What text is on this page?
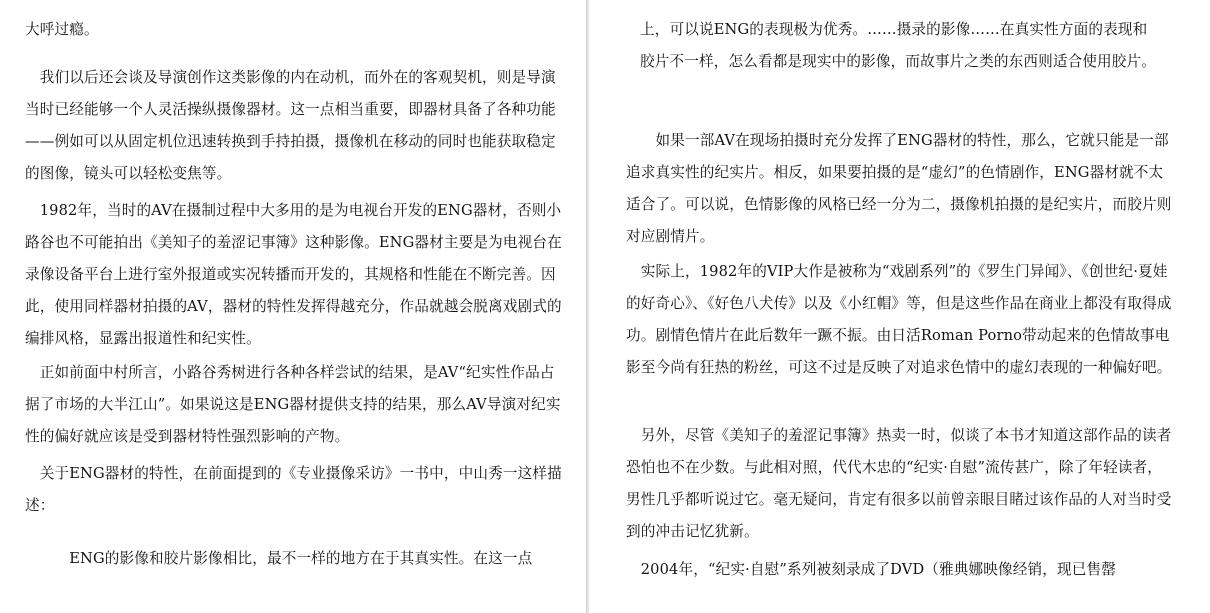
大呼过瘾。

　我们以后还会谈及导演创作这类影像的内在动机，而外在的客观契机，则是导演当时已经能够一个人灵活操纵摄像器材。这一点相当重要，即器材具备了各种功能——例如可以从固定机位迅速转换到手持拍摄，摄像机在移动的同时也能获取稳定的图像，镜头可以轻松变焦等。

　1982年，当时的AV在摄制过程中大多用的是为电视台开发的ENG器材，否则小路谷也不可能拍出《美知子的羞涩记事簿》这种影像。ENG器材主要是为电视台在录像设备平台上进行室外报道或实况转播而开发的，其规格和性能在不断完善。因此，使用同样器材拍摄的AV，器材的特性发挥得越充分，作品就越会脱离戏剧式的编排风格，显露出报道性和纪实性。

　正如前面中村所言，小路谷秀树进行各种各样尝试的结果，是AV“纪实性作品占据了市场的大半江山”。如果说这是ENG器材提供支持的结果，那么AV导演对纪实性的偏好就应该是受到器材特性强烈影响的产物。

　关于ENG器材的特性，在前面提到的《专业摄像采访》一书中，中山秀一这样描述：

　　　ENG的影像和胶片影像相比，最不一样的地方在于其真实性。在这一点

上，可以说ENG的表现极为优秀。……摄录的影像……在真实性方面的表现和胶片不一样，怎么看都是现实中的影像，而故事片之类的东西则适合使用胶片。

　　如果一部AV在现场拍摄时充分发挥了ENG器材的特性，那么，它就只能是一部追求真实性的纪实片。相反，如果要拍摄的是“虚幻”的色情剧作，ENG器材就不太适合了。可以说，色情影像的风格已经一分为二，摄像机拍摄的是纪实片，而胶片则对应剧情片。

　实际上，1982年的VIP大作是被称为“戏剧系列”的《罗生门异闻》、《创世纪·夏娃的好奇心》、《好色八犬传》以及《小红帽》等，但是这些作品在商业上都没有取得成功。剧情色情片在此后数年一蹶不振。由日活Roman Porno带动起来的色情故事电影至今尚有狂热的粉丝，可这不过是反映了对追求色情中的虚幻表现的一种偏好吧。

　另外，尽管《美知子的羞涩记事簿》热卖一时，似谈了本书才知道这部作品的读者恐怕也不在少数。与此相对照，代代木忠的“纪实·自慰”流传甚广，除了年轻读者，男性几乎都听说过它。毫无疑问，肯定有很多以前曾亲眼目睹过该作品的人对当时受到的冲击记忆犹新。

　2004年，“纪实·自慰”系列被刻录成了DVD（雅典娜映像经销，现已售罄
